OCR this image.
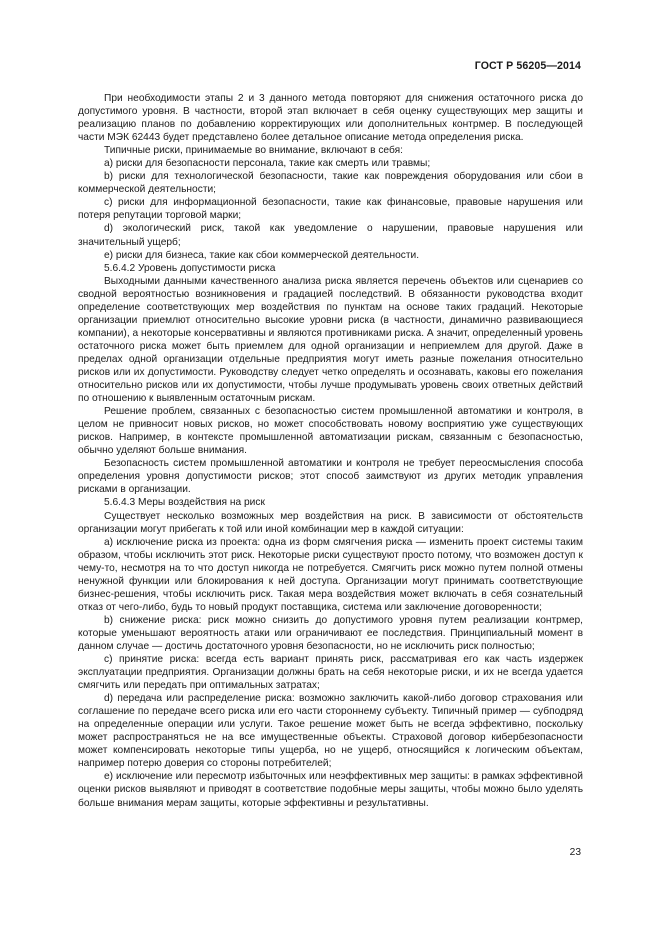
ГОСТ Р 56205—2014

При необходимости этапы 2 и 3 данного метода повторяют для снижения остаточного риска до допустимого уровня. В частности, второй этап включает в себя оценку существующих мер защиты и реализацию планов по добавлению корректирующих или дополнительных контрмер. В последующей части МЭК 62443 будет представлено более детальное описание метода определения риска.

Типичные риски, принимаемые во внимание, включают в себя:

а) риски для безопасности персонала, такие как смерть или травмы;

b) риски для технологической безопасности, такие как повреждения оборудования или сбои в коммерческой деятельности;

с) риски для информационной безопасности, такие как финансовые, правовые нарушения или потеря репутации торговой марки;

d) экологический риск, такой как уведомление о нарушении, правовые нарушения или значительный ущерб;

е) риски для бизнеса, такие как сбои коммерческой деятельности.

5.6.4.2 Уровень допустимости риска

Выходными данными качественного анализа риска является перечень объектов или сценариев со сводной вероятностью возникновения и градацией последствий. В обязанности руководства входит определение соответствующих мер воздействия по пунктам на основе таких градаций. Некоторые организации приемлют относительно высокие уровни риска (в частности, динамично развивающиеся компании), а некоторые консервативны и являются противниками риска. А значит, определенный уровень остаточного риска может быть приемлем для одной организации и неприемлем для другой. Даже в пределах одной организации отдельные предприятия могут иметь разные пожелания относительно рисков или их допустимости. Руководству следует четко определять и осознавать, каковы его пожелания относительно рисков или их допустимости, чтобы лучше продумывать уровень своих ответных действий по отношению к выявленным остаточным рискам.

Решение проблем, связанных с безопасностью систем промышленной автоматики и контроля, в целом не привносит новых рисков, но может способствовать новому восприятию уже существующих рисков. Например, в контексте промышленной автоматизации рискам, связанным с безопасностью, обычно уделяют больше внимания.

Безопасность систем промышленной автоматики и контроля не требует переосмысления способа определения уровня допустимости рисков; этот способ заимствуют из других методик управления рисками в организации.

5.6.4.3 Меры воздействия на риск

Существует несколько возможных мер воздействия на риск. В зависимости от обстоятельств организации могут прибегать к той или иной комбинации мер в каждой ситуации:

а) исключение риска из проекта: одна из форм смягчения риска — изменить проект системы таким образом, чтобы исключить этот риск. Некоторые риски существуют просто потому, что возможен доступ к чему-то, несмотря на то что доступ никогда не потребуется. Смягчить риск можно путем полной отмены ненужной функции или блокирования к ней доступа. Организации могут принимать соответствующие бизнес-решения, чтобы исключить риск. Такая мера воздействия может включать в себя сознательный отказ от чего-либо, будь то новый продукт поставщика, система или заключение договоренности;

b) снижение риска: риск можно снизить до допустимого уровня путем реализации контрмер, которые уменьшают вероятность атаки или ограничивают ее последствия. Принципиальный момент в данном случае — достичь достаточного уровня безопасности, но не исключить риск полностью;

с) принятие риска: всегда есть вариант принять риск, рассматривая его как часть издержек эксплуатации предприятия. Организации должны брать на себя некоторые риски, и их не всегда удается смягчить или передать при оптимальных затратах;

d) передача или распределение риска: возможно заключить какой-либо договор страхования или соглашение по передаче всего риска или его части стороннему субъекту. Типичный пример — субподряд на определенные операции или услуги. Такое решение может быть не всегда эффективно, поскольку может распространяться не на все имущественные объекты. Страховой договор кибербезопасности может компенсировать некоторые типы ущерба, но не ущерб, относящийся к логическим объектам, например потерю доверия со стороны потребителей;

е) исключение или пересмотр избыточных или неэффективных мер защиты: в рамках эффективной оценки рисков выявляют и приводят в соответствие подобные меры защиты, чтобы можно было уделять больше внимания мерам защиты, которые эффективны и результативны.

23
